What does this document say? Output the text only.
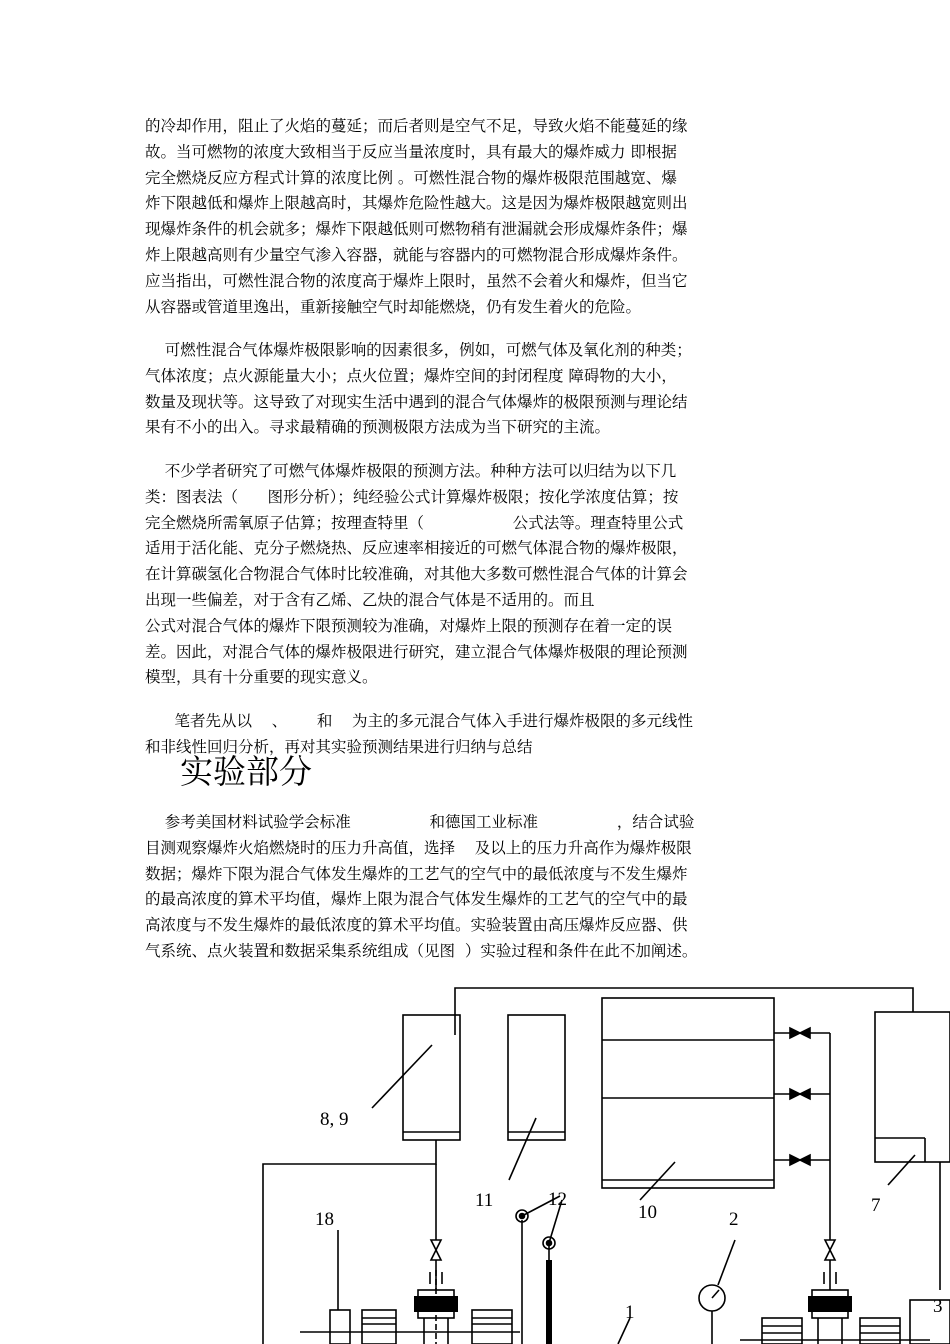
的冷却作用，阻止了火焰的蔓延；而后者则是空气不足，导致火焰不能蔓延的缘
故。当可燃物的浓度大致相当于反应当量浓度时，具有最大的爆炸威力 即根据
完全燃烧反应方程式计算的浓度比例 。可燃性混合物的爆炸极限范围越宽、爆
炸下限越低和爆炸上限越高时，其爆炸危险性越大。这是因为爆炸极限越宽则出
现爆炸条件的机会就多；爆炸下限越低则可燃物稍有泄漏就会形成爆炸条件；爆
炸上限越高则有少量空气渗入容器，就能与容器内的可燃物混合形成爆炸条件。
应当指出，可燃性混合物的浓度高于爆炸上限时，虽然不会着火和爆炸，但当它
从容器或管道里逸出，重新接触空气时却能燃烧，仍有发生着火的危险。
可燃性混合气体爆炸极限影响的因素很多，例如，可燃气体及氧化剂的种类；
气体浓度；点火源能量大小；点火位置；爆炸空间的封闭程度 障碍物的大小，
数量及现状等。这导致了对现实生活中遇到的混合气体爆炸的极限预测与理论结
果有不小的出入。寻求最精确的预测极限方法成为当下研究的主流。
不少学者研究了可燃气体爆炸极限的预测方法。种种方法可以归结为以下几
类：图表法（      图形分析）；纯经验公式计算爆炸极限；按化学浓度估算；按
完全燃烧所需氧原子估算；按理查特里（                  公式法等。理查特里公式
适用于活化能、克分子燃烧热、反应速率相接近的可燃气体混合物的爆炸极限，
在计算碳氢化合物混合气体时比较准确，对其他大多数可燃性混合气体的计算会
出现一些偏差，对于含有乙烯、乙炔的混合气体是不适用的。而且
公式对混合气体的爆炸下限预测较为准确，对爆炸上限的预测存在着一定的误
差。因此，对混合气体的爆炸极限进行研究，建立混合气体爆炸极限的理论预测
模型，具有十分重要的现实意义。
笔者先从以    、      和    为主的多元混合气体入手进行爆炸极限的多元线性
和非线性回归分析，再对其实验预测结果进行归纳与总结
实验部分
参考美国材料试验学会标准                和德国工业标准                ，结合试验
目测观察爆炸火焰燃烧时的压力升高值，选择    及以上的压力升高作为爆炸极限
数据；爆炸下限为混合气体发生爆炸的工艺气的空气中的最低浓度与不发生爆炸
的最高浓度的算术平均值，爆炸上限为混合气体发生爆炸的工艺气的空气中的最
高浓度与不发生爆炸的最低浓度的算术平均值。实验装置由高压爆炸反应器、供
气系统、点火装置和数据采集系统组成（见图  ）实验过程和条件在此不加阐述。
8, 9
11
10	7
12
2
18
1	3
